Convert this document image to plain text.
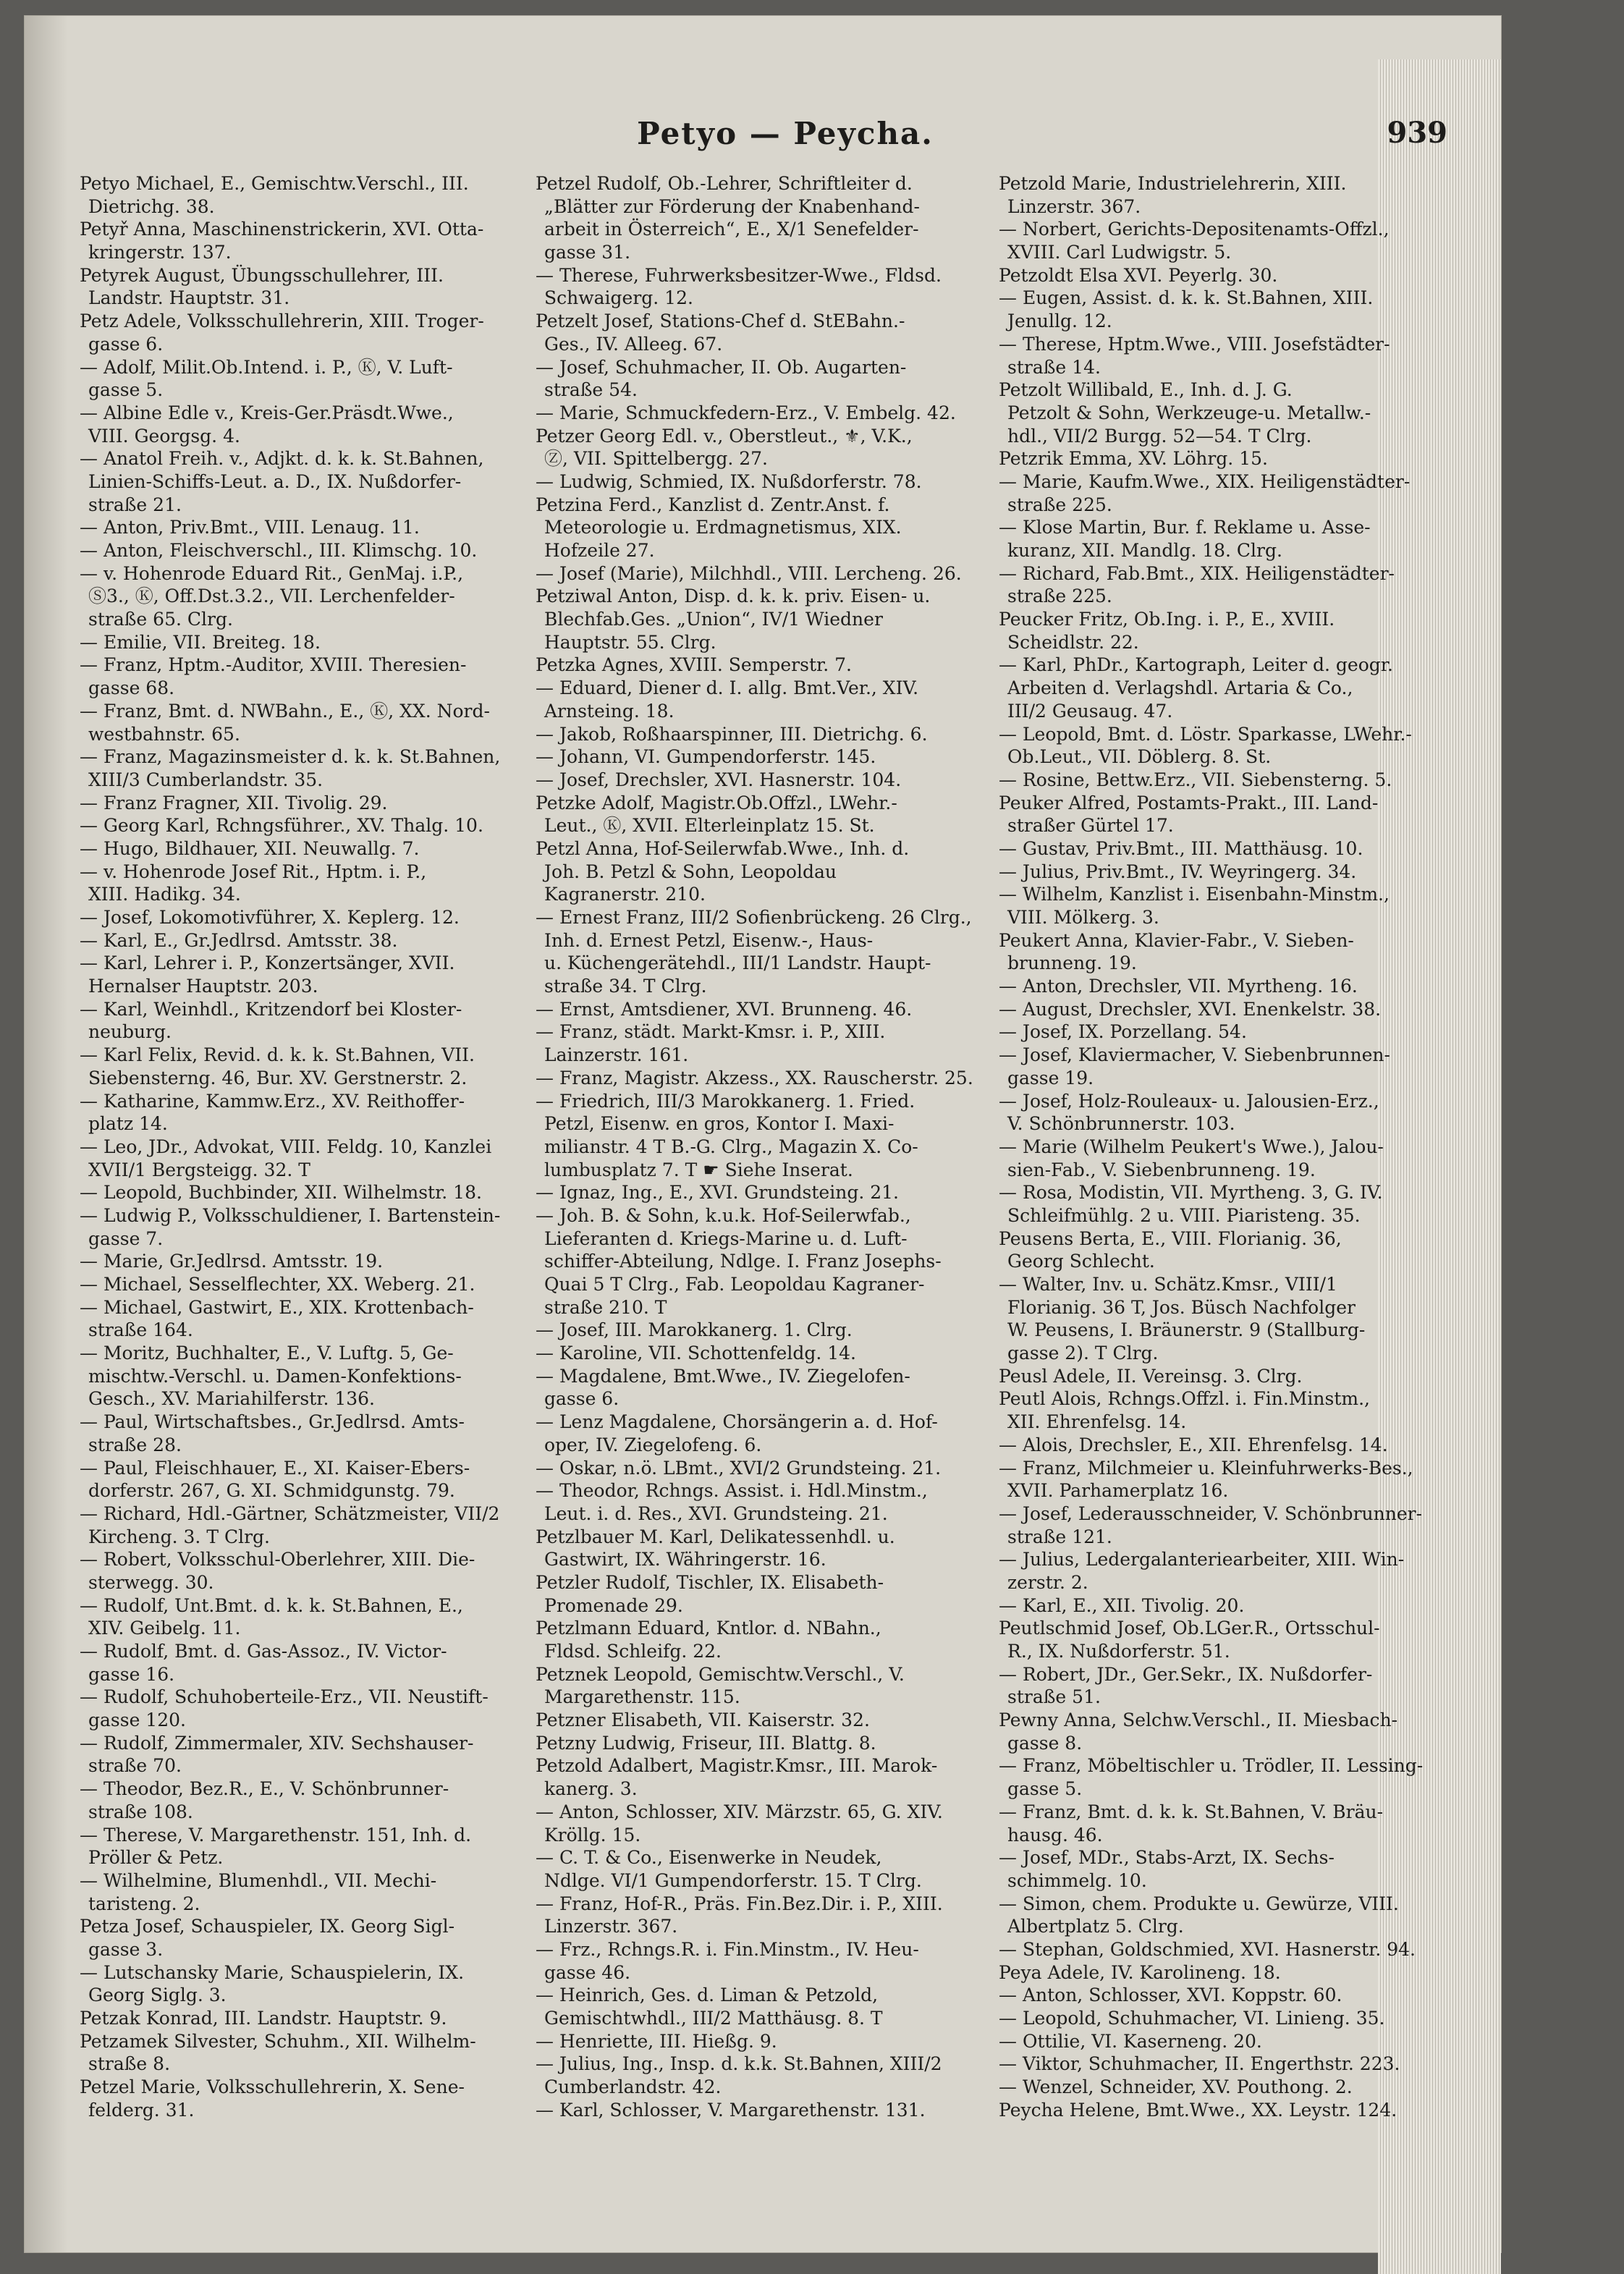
Petyo — Peycha.	939
Petyo Michael, E., Gemischtw.Verschl., III.
Dietrichg. 38.
Petyř Anna, Maschinenstrickerin, XVI. Otta-
kringerstr. 137.
Petyrek August, Übungsschullehrer, III.
Landstr. Hauptstr. 31.
Petz Adele, Volksschullehrerin, XIII. Troger-
gasse 6.
— Adolf, Milit.Ob.Intend. i. P., Ⓚ, V. Luft-
gasse 5.
— Albine Edle v., Kreis-Ger.Präsdt.Wwe.,
VIII. Georgsg. 4.
— Anatol Freih. v., Adjkt. d. k. k. St.Bahnen,
Linien-Schiffs-Leut. a. D., IX. Nußdorfer-
straße 21.
— Anton, Priv.Bmt., VIII. Lenaug. 11.
— Anton, Fleischverschl., III. Klimschg. 10.
— v. Hohenrode Eduard Rit., GenMaj. i.P.,
Ⓢ3., Ⓚ, Off.Dst.3.2., VII. Lerchenfelder-
straße 65. Clrg.
— Emilie, VII. Breiteg. 18.
— Franz, Hptm.-Auditor, XVIII. Theresien-
gasse 68.
— Franz, Bmt. d. NWBahn., E., Ⓚ, XX. Nord-
westbahnstr. 65.
— Franz, Magazinsmeister d. k. k. St.Bahnen,
XIII/3 Cumberlandstr. 35.
— Franz Fragner, XII. Tivolig. 29.
— Georg Karl, Rchngsführer., XV. Thalg. 10.
— Hugo, Bildhauer, XII. Neuwallg. 7.
— v. Hohenrode Josef Rit., Hptm. i. P.,
XIII. Hadikg. 34.
— Josef, Lokomotivführer, X. Keplerg. 12.
— Karl, E., Gr.Jedlrsd. Amtsstr. 38.
— Karl, Lehrer i. P., Konzertsänger, XVII.
Hernalser Hauptstr. 203.
— Karl, Weinhdl., Kritzendorf bei Kloster-
neuburg.
— Karl Felix, Revid. d. k. k. St.Bahnen, VII.
Siebensterng. 46, Bur. XV. Gerstnerstr. 2.
— Katharine, Kammw.Erz., XV. Reithoffer-
platz 14.
— Leo, JDr., Advokat, VIII. Feldg. 10, Kanzlei
XVII/1 Bergsteigg. 32. T
— Leopold, Buchbinder, XII. Wilhelmstr. 18.
— Ludwig P., Volksschuldiener, I. Bartenstein-
gasse 7.
— Marie, Gr.Jedlrsd. Amtsstr. 19.
— Michael, Sesselflechter, XX. Weberg. 21.
— Michael, Gastwirt, E., XIX. Krottenbach-
straße 164.
— Moritz, Buchhalter, E., V. Luftg. 5, Ge-
mischtw.-Verschl. u. Damen-Konfektions-
Gesch., XV. Mariahilferstr. 136.
— Paul, Wirtschaftsbes., Gr.Jedlrsd. Amts-
straße 28.
— Paul, Fleischhauer, E., XI. Kaiser-Ebers-
dorferstr. 267, G. XI. Schmidgunstg. 79.
— Richard, Hdl.-Gärtner, Schätzmeister, VII/2
Kircheng. 3. T Clrg.
— Robert, Volksschul-Oberlehrer, XIII. Die-
sterwegg. 30.
— Rudolf, Unt.Bmt. d. k. k. St.Bahnen, E.,
XIV. Geibelg. 11.
— Rudolf, Bmt. d. Gas-Assoz., IV. Victor-
gasse 16.
— Rudolf, Schuhoberteile-Erz., VII. Neustift-
gasse 120.
— Rudolf, Zimmermaler, XIV. Sechshauser-
straße 70.
— Theodor, Bez.R., E., V. Schönbrunner-
straße 108.
— Therese, V. Margarethenstr. 151, Inh. d.
Pröller & Petz.
— Wilhelmine, Blumenhdl., VII. Mechi-
taristeng. 2.
Petza Josef, Schauspieler, IX. Georg Sigl-
gasse 3.
— Lutschansky Marie, Schauspielerin, IX.
Georg Siglg. 3.
Petzak Konrad, III. Landstr. Hauptstr. 9.
Petzamek Silvester, Schuhm., XII. Wilhelm-
straße 8.
Petzel Marie, Volksschullehrerin, X. Sene-
felderg. 31.
Petzel Rudolf, Ob.-Lehrer, Schriftleiter d.
„Blätter zur Förderung der Knabenhand-
arbeit in Österreich“, E., X/1 Senefelder-
gasse 31.
— Therese, Fuhrwerksbesitzer-Wwe., Fldsd.
Schwaigerg. 12.
Petzelt Josef, Stations-Chef d. StEBahn.-
Ges., IV. Alleeg. 67.
— Josef, Schuhmacher, II. Ob. Augarten-
straße 54.
— Marie, Schmuckfedern-Erz., V. Embelg. 42.
Petzer Georg Edl. v., Oberstleut., ⚜, V.K.,
Ⓩ, VII. Spittelbergg. 27.
— Ludwig, Schmied, IX. Nußdorferstr. 78.
Petzina Ferd., Kanzlist d. Zentr.Anst. f.
Meteorologie u. Erdmagnetismus, XIX.
Hofzeile 27.
— Josef (Marie), Milchhdl., VIII. Lercheng. 26.
Petziwal Anton, Disp. d. k. k. priv. Eisen- u.
Blechfab.Ges. „Union“, IV/1 Wiedner
Hauptstr. 55. Clrg.
Petzka Agnes, XVIII. Semperstr. 7.
— Eduard, Diener d. I. allg. Bmt.Ver., XIV.
Arnsteing. 18.
— Jakob, Roßhaarspinner, III. Dietrichg. 6.
— Johann, VI. Gumpendorferstr. 145.
— Josef, Drechsler, XVI. Hasnerstr. 104.
Petzke Adolf, Magistr.Ob.Offzl., LWehr.-
Leut., Ⓚ, XVII. Elterleinplatz 15. St.
Petzl Anna, Hof-Seilerwfab.Wwe., Inh. d.
Joh. B. Petzl & Sohn, Leopoldau
Kagranerstr. 210.
— Ernest Franz, III/2 Sofienbrückeng. 26 Clrg.,
Inh. d. Ernest Petzl, Eisenw.-, Haus-
u. Küchengerätehdl., III/1 Landstr. Haupt-
straße 34. T Clrg.
— Ernst, Amtsdiener, XVI. Brunneng. 46.
— Franz, städt. Markt-Kmsr. i. P., XIII.
Lainzerstr. 161.
— Franz, Magistr. Akzess., XX. Rauscherstr. 25.
— Friedrich, III/3 Marokkanerg. 1. Fried.
Petzl, Eisenw. en gros, Kontor I. Maxi-
milianstr. 4 T B.-G. Clrg., Magazin X. Co-
lumbusplatz 7. T ☛ Siehe Inserat.
— Ignaz, Ing., E., XVI. Grundsteing. 21.
— Joh. B. & Sohn, k.u.k. Hof-Seilerwfab.,
Lieferanten d. Kriegs-Marine u. d. Luft-
schiffer-Abteilung, Ndlge. I. Franz Josephs-
Quai 5 T Clrg., Fab. Leopoldau Kagraner-
straße 210. T
— Josef, III. Marokkanerg. 1. Clrg.
— Karoline, VII. Schottenfeldg. 14.
— Magdalene, Bmt.Wwe., IV. Ziegelofen-
gasse 6.
— Lenz Magdalene, Chorsängerin a. d. Hof-
oper, IV. Ziegelofeng. 6.
— Oskar, n.ö. LBmt., XVI/2 Grundsteing. 21.
— Theodor, Rchngs. Assist. i. Hdl.Minstm.,
Leut. i. d. Res., XVI. Grundsteing. 21.
Petzlbauer M. Karl, Delikatessenhdl. u.
Gastwirt, IX. Währingerstr. 16.
Petzler Rudolf, Tischler, IX. Elisabeth-
Promenade 29.
Petzlmann Eduard, Kntlor. d. NBahn.,
Fldsd. Schleifg. 22.
Petznek Leopold, Gemischtw.Verschl., V.
Margarethenstr. 115.
Petzner Elisabeth, VII. Kaiserstr. 32.
Petzny Ludwig, Friseur, III. Blattg. 8.
Petzold Adalbert, Magistr.Kmsr., III. Marok-
kanerg. 3.
— Anton, Schlosser, XIV. Märzstr. 65, G. XIV.
Kröllg. 15.
— C. T. & Co., Eisenwerke in Neudek,
Ndlge. VI/1 Gumpendorferstr. 15. T Clrg.
— Franz, Hof-R., Präs. Fin.Bez.Dir. i. P., XIII.
Linzerstr. 367.
— Frz., Rchngs.R. i. Fin.Minstm., IV. Heu-
gasse 46.
— Heinrich, Ges. d. Liman & Petzold,
Gemischtwhdl., III/2 Matthäusg. 8. T
— Henriette, III. Hießg. 9.
— Julius, Ing., Insp. d. k.k. St.Bahnen, XIII/2
Cumberlandstr. 42.
— Karl, Schlosser, V. Margarethenstr. 131.
Petzold Marie, Industrielehrerin, XIII.
Linzerstr. 367.
— Norbert, Gerichts-Depositenamts-Offzl.,
XVIII. Carl Ludwigstr. 5.
Petzoldt Elsa XVI. Peyerlg. 30.
— Eugen, Assist. d. k. k. St.Bahnen, XIII.
Jenullg. 12.
— Therese, Hptm.Wwe., VIII. Josefstädter-
straße 14.
Petzolt Willibald, E., Inh. d. J. G.
Petzolt & Sohn, Werkzeuge-u. Metallw.-
hdl., VII/2 Burgg. 52—54. T Clrg.
Petzrik Emma, XV. Löhrg. 15.
— Marie, Kaufm.Wwe., XIX. Heiligenstädter-
straße 225.
— Klose Martin, Bur. f. Reklame u. Asse-
kuranz, XII. Mandlg. 18. Clrg.
— Richard, Fab.Bmt., XIX. Heiligenstädter-
straße 225.
Peucker Fritz, Ob.Ing. i. P., E., XVIII.
Scheidlstr. 22.
— Karl, PhDr., Kartograph, Leiter d. geogr.
Arbeiten d. Verlagshdl. Artaria & Co.,
III/2 Geusaug. 47.
— Leopold, Bmt. d. Löstr. Sparkasse, LWehr.-
Ob.Leut., VII. Döblerg. 8. St.
— Rosine, Bettw.Erz., VII. Siebensterng. 5.
Peuker Alfred, Postamts-Prakt., III. Land-
straßer Gürtel 17.
— Gustav, Priv.Bmt., III. Matthäusg. 10.
— Julius, Priv.Bmt., IV. Weyringerg. 34.
— Wilhelm, Kanzlist i. Eisenbahn-Minstm.,
VIII. Mölkerg. 3.
Peukert Anna, Klavier-Fabr., V. Sieben-
brunneng. 19.
— Anton, Drechsler, VII. Myrtheng. 16.
— August, Drechsler, XVI. Enenkelstr. 38.
— Josef, IX. Porzellang. 54.
— Josef, Klaviermacher, V. Siebenbrunnen-
gasse 19.
— Josef, Holz-Rouleaux- u. Jalousien-Erz.,
V. Schönbrunnerstr. 103.
— Marie (Wilhelm Peukert's Wwe.), Jalou-
sien-Fab., V. Siebenbrunneng. 19.
— Rosa, Modistin, VII. Myrtheng. 3, G. IV.
Schleifmühlg. 2 u. VIII. Piaristeng. 35.
Peusens Berta, E., VIII. Florianig. 36,
Georg Schlecht.
— Walter, Inv. u. Schätz.Kmsr., VIII/1
Florianig. 36 T, Jos. Büsch Nachfolger
W. Peusens, I. Bräunerstr. 9 (Stallburg-
gasse 2). T Clrg.
Peusl Adele, II. Vereinsg. 3. Clrg.
Peutl Alois, Rchngs.Offzl. i. Fin.Minstm.,
XII. Ehrenfelsg. 14.
— Alois, Drechsler, E., XII. Ehrenfelsg. 14.
— Franz, Milchmeier u. Kleinfuhrwerks-Bes.,
XVII. Parhamerplatz 16.
— Josef, Lederausschneider, V. Schönbrunner-
straße 121.
— Julius, Ledergalanteriearbeiter, XIII. Win-
zerstr. 2.
— Karl, E., XII. Tivolig. 20.
Peutlschmid Josef, Ob.LGer.R., Ortsschul-
R., IX. Nußdorferstr. 51.
— Robert, JDr., Ger.Sekr., IX. Nußdorfer-
straße 51.
Pewny Anna, Selchw.Verschl., II. Miesbach-
gasse 8.
— Franz, Möbeltischler u. Trödler, II. Lessing-
gasse 5.
— Franz, Bmt. d. k. k. St.Bahnen, V. Bräu-
hausg. 46.
— Josef, MDr., Stabs-Arzt, IX. Sechs-
schimmelg. 10.
— Simon, chem. Produkte u. Gewürze, VIII.
Albertplatz 5. Clrg.
— Stephan, Goldschmied, XVI. Hasnerstr. 94.
Peya Adele, IV. Karolineng. 18.
— Anton, Schlosser, XVI. Koppstr. 60.
— Leopold, Schuhmacher, VI. Linieng. 35.
— Ottilie, VI. Kaserneng. 20.
— Viktor, Schuhmacher, II. Engerthstr. 223.
— Wenzel, Schneider, XV. Pouthong. 2.
Peycha Helene, Bmt.Wwe., XX. Leystr. 124.
